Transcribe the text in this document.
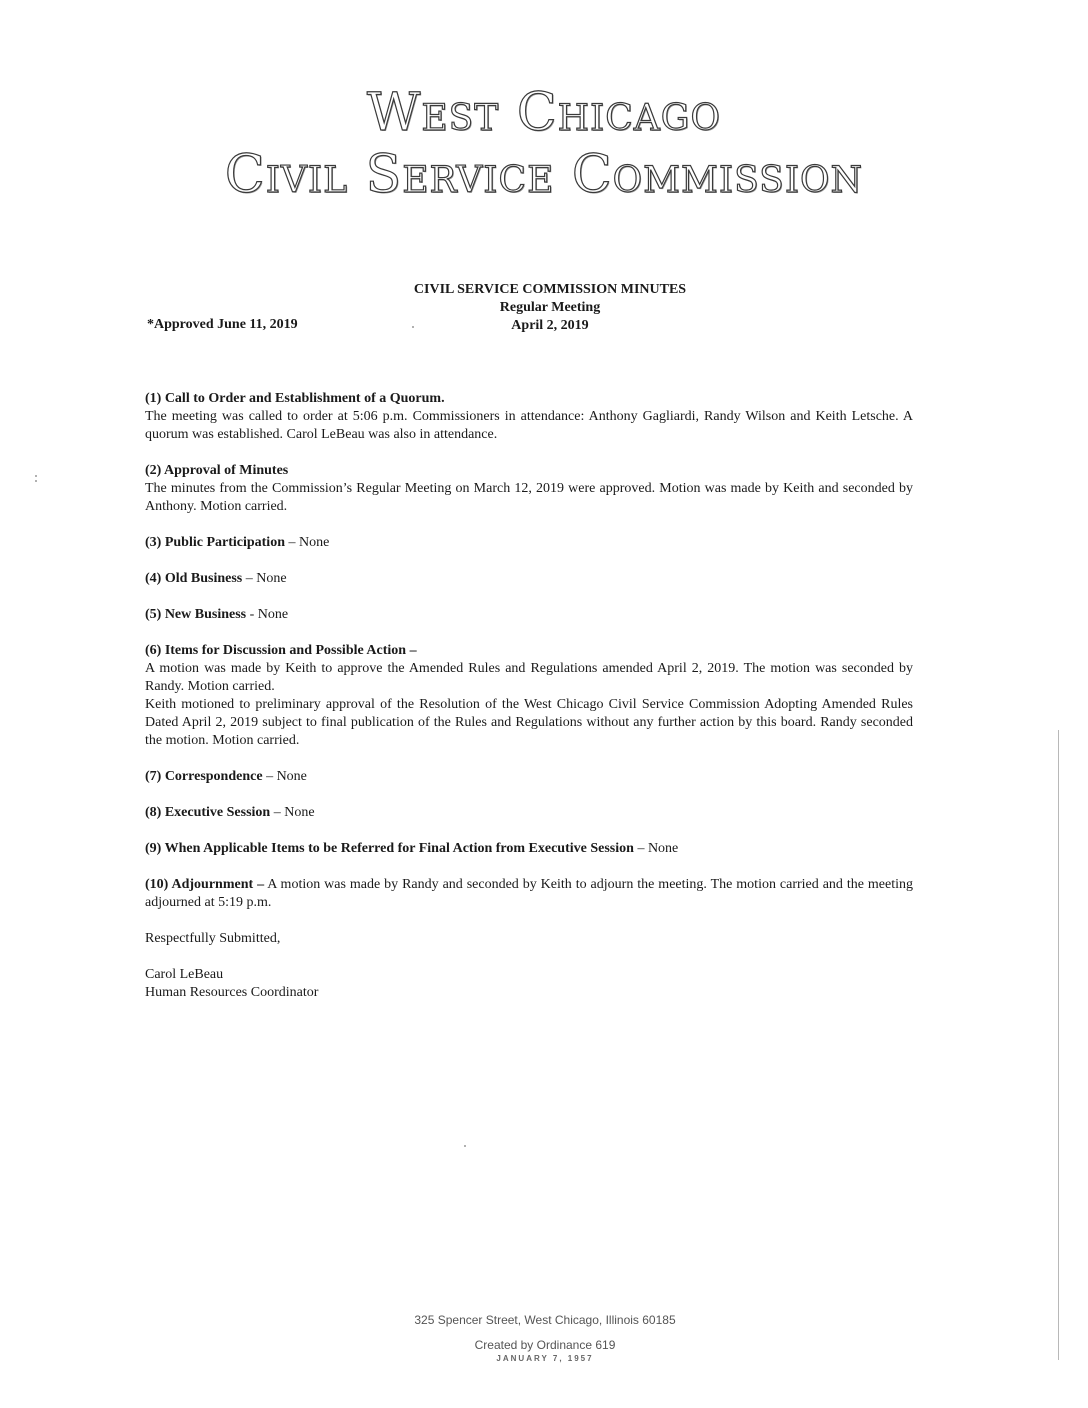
West Chicago
Civil Service Commission
CIVIL SERVICE COMMISSION MINUTES
Regular Meeting
April 2, 2019
*Approved June 11, 2019
(1) Call to Order and Establishment of a Quorum.

The meeting was called to order at 5:06 p.m. Commissioners in attendance: Anthony Gagliardi, Randy Wilson and Keith Letsche. A quorum was established. Carol LeBeau was also in attendance.

(2) Approval of Minutes

The minutes from the Commission’s Regular Meeting on March 12, 2019 were approved. Motion was made by Keith and seconded by Anthony. Motion carried.

(3) Public Participation – None
(4) Old Business – None
(5) New Business - None
(6) Items for Discussion and Possible Action –

A motion was made by Keith to approve the Amended Rules and Regulations amended April 2, 2019. The motion was seconded by Randy. Motion carried.

Keith motioned to preliminary approval of the Resolution of the West Chicago Civil Service Commission Adopting Amended Rules Dated April 2, 2019 subject to final publication of the Rules and Regulations without any further action by this board. Randy seconded the motion. Motion carried.

(7) Correspondence – None
(8) Executive Session – None
(9) When Applicable Items to be Referred for Final Action from Executive Session – None

(10) Adjournment – A motion was made by Randy and seconded by Keith to adjourn the meeting. The motion carried and the meeting adjourned at 5:19 p.m.

Respectfully Submitted,
Carol LeBeau
Human Resources Coordinator
325 Spencer Street, West Chicago, Illinois 60185
Created by Ordinance 619
JANUARY 7, 1957
